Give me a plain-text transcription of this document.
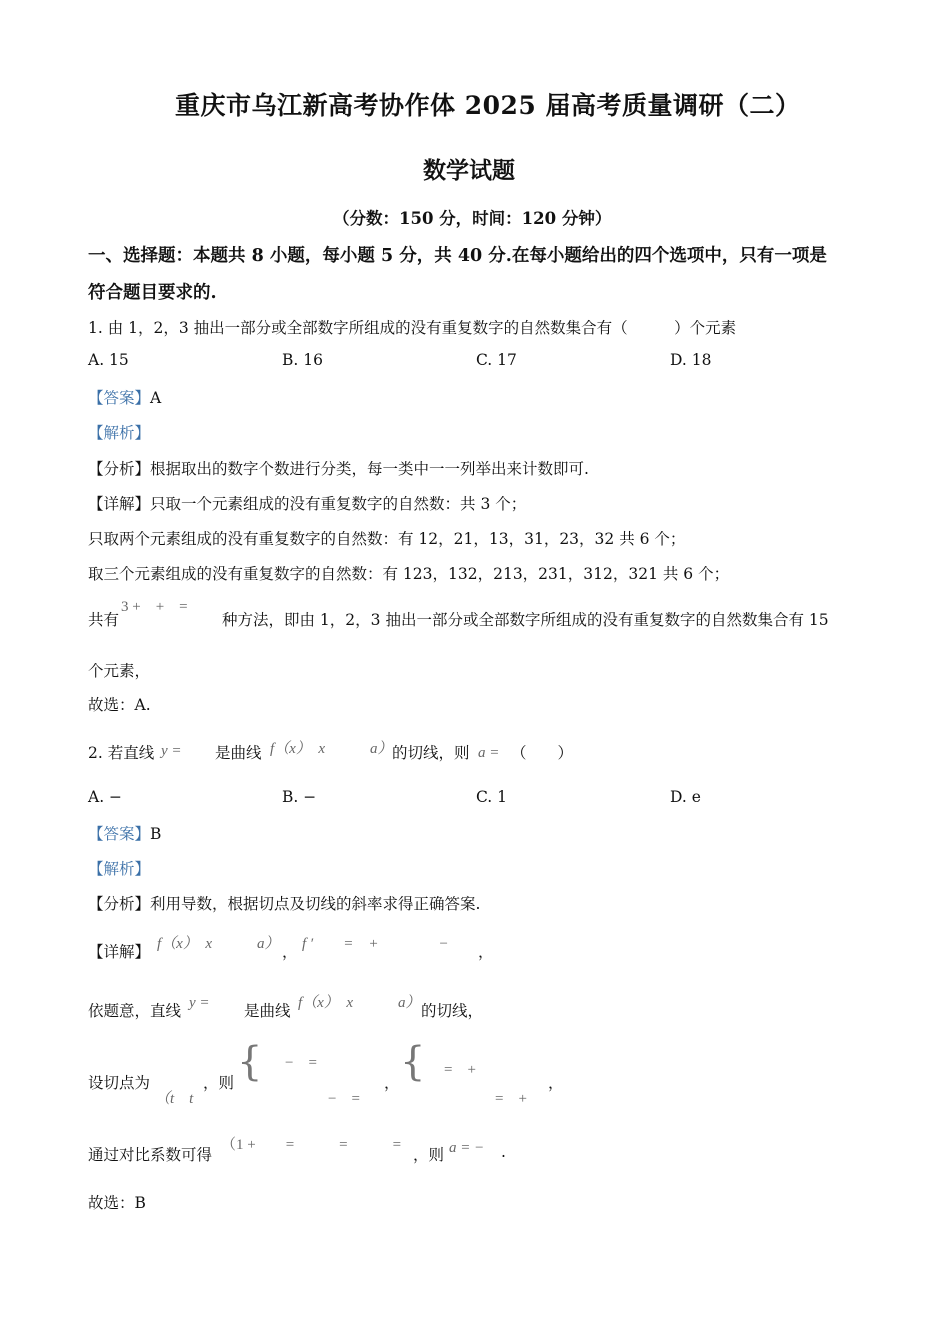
重庆市乌江新高考协作体 2025 届高考质量调研（二）
数学试题
（分数：150 分，时间：120 分钟）
一、选择题：本题共 8 小题，每小题 5 分，共 40 分.在每小题给出的四个选项中，只有一项是
符合题目要求的.
1. 由 1，2，3 抽出一部分或全部数字所组成的没有重复数字的自然数集合有（　　　）个元素
A. 15	B. 16	C. 17	D. 18
【答案】A
【解析】
【分析】根据取出的数字个数进行分类，每一类中一一列举出来计数即可.
【详解】只取一个元素组成的没有重复数字的自然数：共 3 个；
只取两个元素组成的没有重复数字的自然数：有 12，21，13，31，23，32 共 6 个；
取三个元素组成的没有重复数字的自然数：有 123，132，213，231，312，321 共 6 个；
共有
3 +　+　=
种方法，即由 1，2，3 抽出一部分或全部数字所组成的没有重复数字的自然数集合有 15
个元素，
故选：A.
2. 若直线 y = 是曲线 f（x）　x　　　a） 的切线，则 a = （　　）
A. −	B. −	C. 1	D. e
【答案】B
【解析】
【分析】利用导数，根据切点及切线的斜率求得正确答案.
【详解】 f（x）　x　　　a） ， f ′　　=　+　　　　− ，
依题意，直线 y = 是曲线 f（x）　x　　　a） 的切线，
设切点为
（t　t
，则 { −　=
−　=
， { =　+
=　+
，
通过对比系数可得
（1 +　　=　　　=　　　=
，则 a = − .
故选：B
